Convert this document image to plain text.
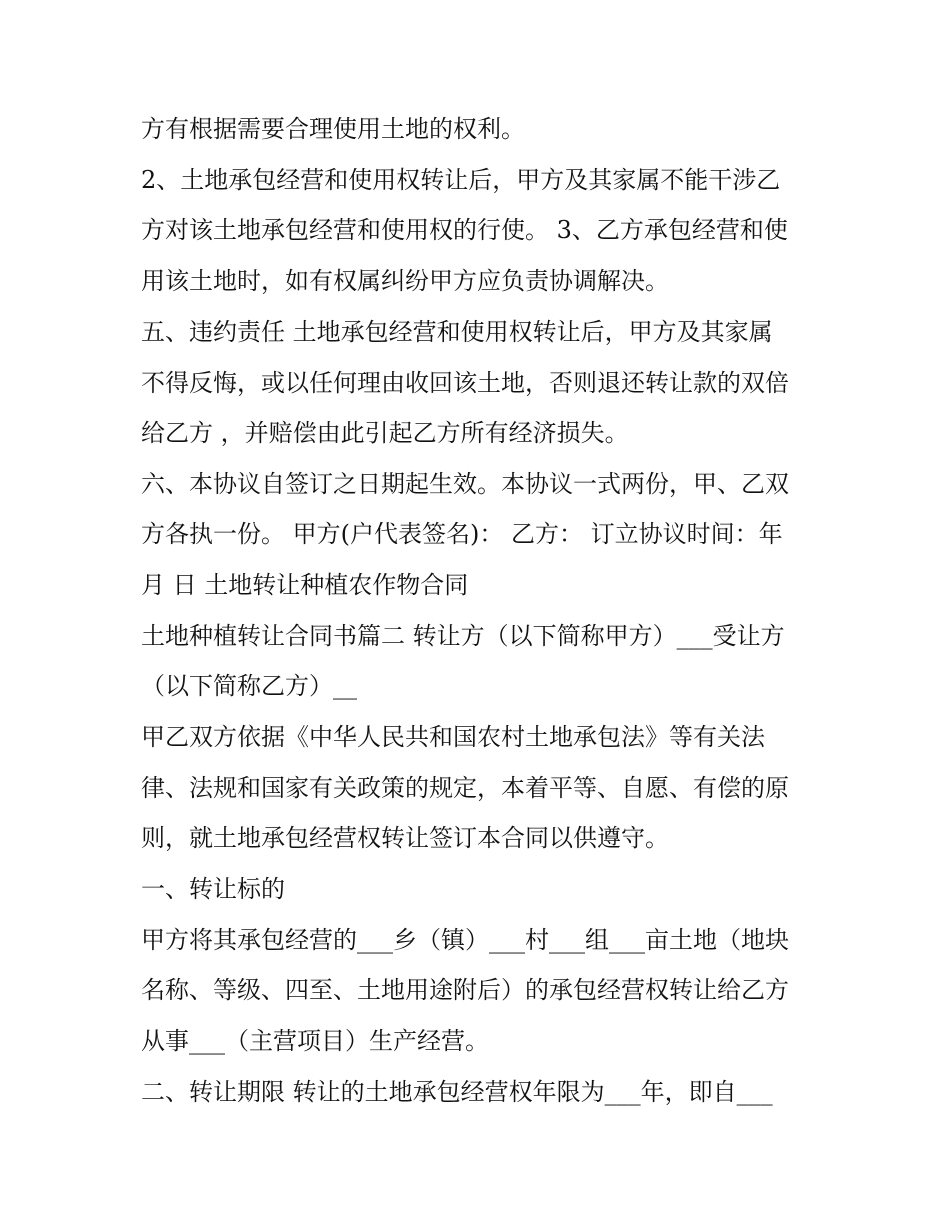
方有根据需要合理使用土地的权利。
2、土地承包经营和使用权转让后，甲方及其家属不能干涉乙
方对该土地承包经营和使用权的行使。 3、乙方承包经营和使
用该土地时，如有权属纠纷甲方应负责协调解决。
五、违约责任 土地承包经营和使用权转让后，甲方及其家属
不得反悔，或以任何理由收回该土地，否则退还转让款的双倍
给乙方 ，并赔偿由此引起乙方所有经济损失。
六、本协议自签订之日期起生效。本协议一式两份，甲、乙双
方各执一份。 甲方(户代表签名)： 乙方： 订立协议时间：年
月 日 土地转让种植农作物合同
土地种植转让合同书篇二 转让方（以下简称甲方）___受让方
（以下简称乙方）__
甲乙双方依据《中华人民共和国农村土地承包法》等有关法
律、法规和国家有关政策的规定，本着平等、自愿、有偿的原
则，就土地承包经营权转让签订本合同以供遵守。
一、转让标的
甲方将其承包经营的___乡（镇）___村___组___亩土地（地块
名称、等级、四至、土地用途附后）的承包经营权转让给乙方
从事___（主营项目）生产经营。
二、转让期限 转让的土地承包经营权年限为___年，即自___
